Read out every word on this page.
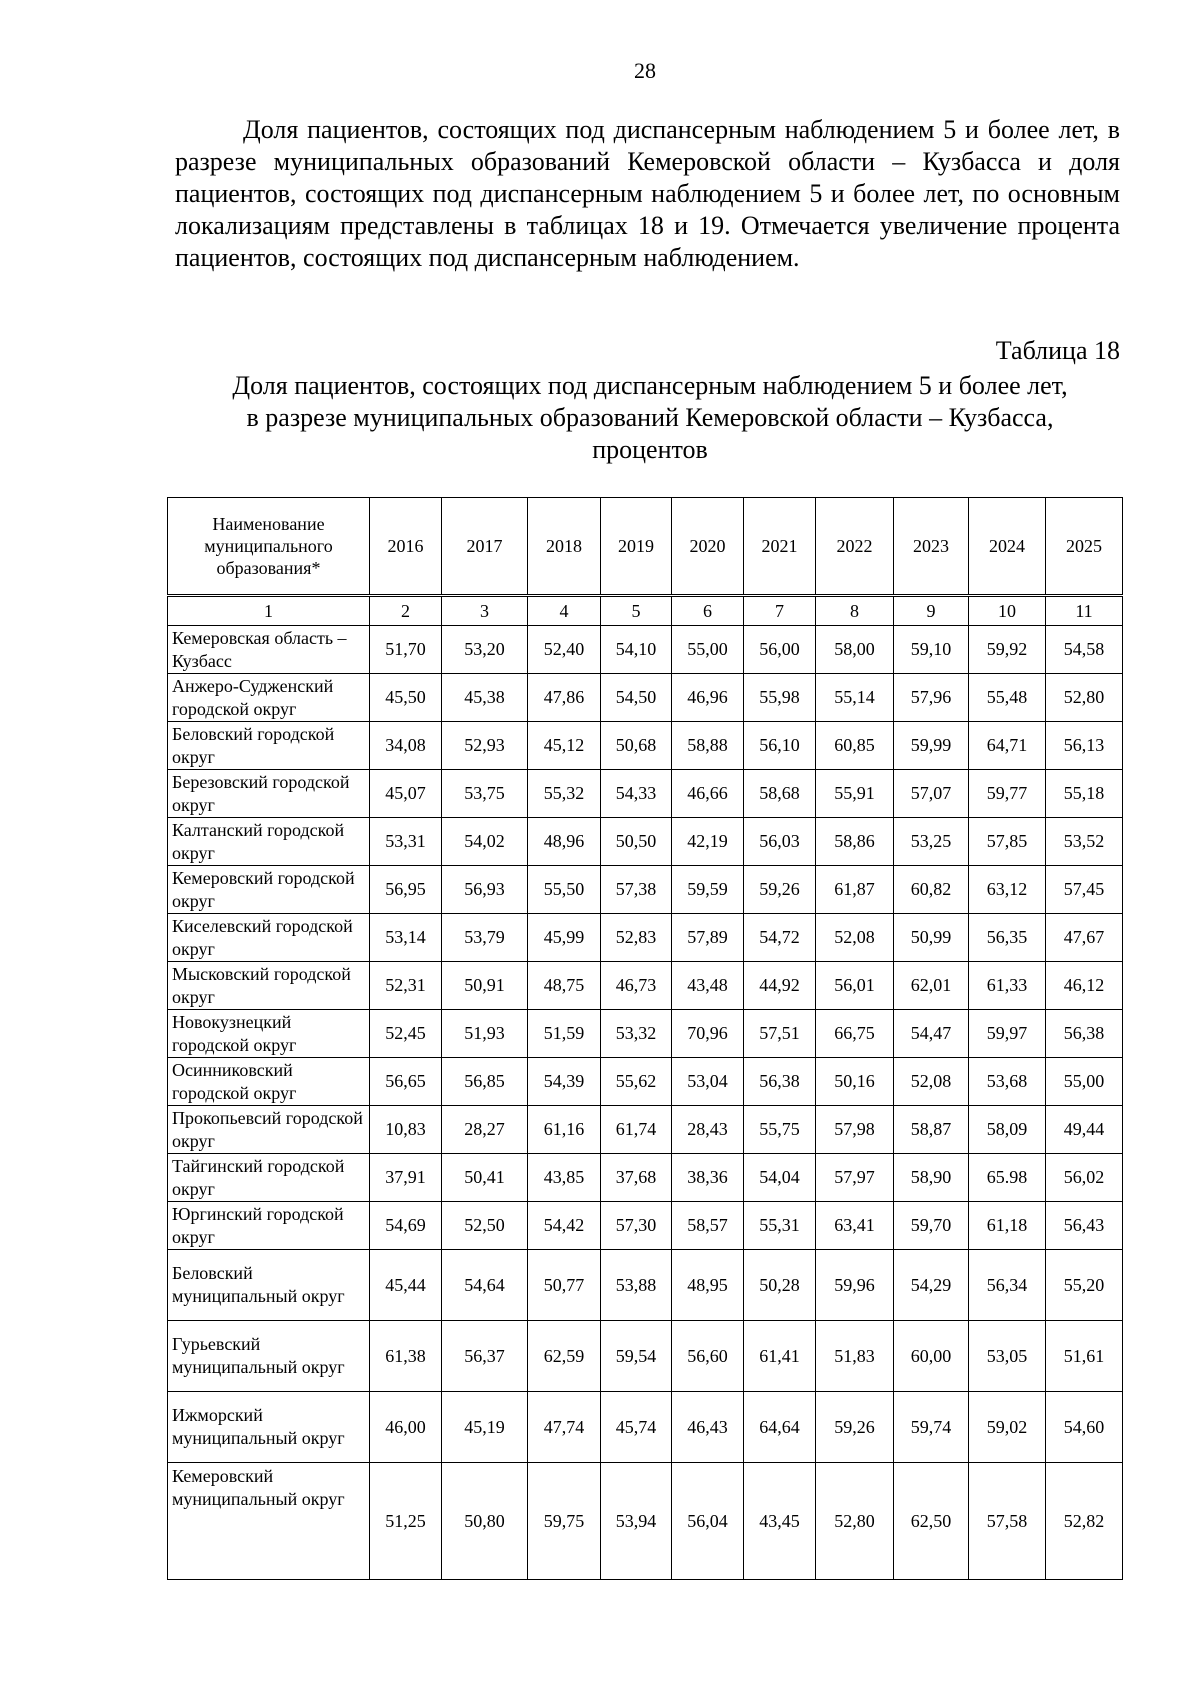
28

Доля пациентов, состоящих под диспансерным наблюдением 5 и более лет, в разрезе муниципальных образований Кемеровской области – Кузбасса и доля пациентов, состоящих под диспансерным наблюдением 5 и более лет, по основным локализациям представлены в таблицах 18 и 19. Отмечается увеличение процента пациентов, состоящих под диспансерным наблюдением.

Таблица 18
Доля пациентов, состоящих под диспансерным наблюдением 5 и более лет,
в разрезе муниципальных образований Кемеровской области – Кузбасса,
процентов
Наименование муниципального образования*	2016	2017	2018	2019	2020	2021	2022	2023	2024	2025
1	2	3	4	5	6	7	8	9	10	11
Кемеровская область – Кузбасс	51,70	53,20	52,40	54,10	55,00	56,00	58,00	59,10	59,92	54,58
Анжеро-Судженский городской округ	45,50	45,38	47,86	54,50	46,96	55,98	55,14	57,96	55,48	52,80
Беловский городской округ	34,08	52,93	45,12	50,68	58,88	56,10	60,85	59,99	64,71	56,13
Березовский городской округ	45,07	53,75	55,32	54,33	46,66	58,68	55,91	57,07	59,77	55,18
Калтанский городской округ	53,31	54,02	48,96	50,50	42,19	56,03	58,86	53,25	57,85	53,52
Кемеровский городской округ	56,95	56,93	55,50	57,38	59,59	59,26	61,87	60,82	63,12	57,45
Киселевский городской округ	53,14	53,79	45,99	52,83	57,89	54,72	52,08	50,99	56,35	47,67
Мысковский городской округ	52,31	50,91	48,75	46,73	43,48	44,92	56,01	62,01	61,33	46,12
Новокузнецкий городской округ	52,45	51,93	51,59	53,32	70,96	57,51	66,75	54,47	59,97	56,38
Осинниковский городской округ	56,65	56,85	54,39	55,62	53,04	56,38	50,16	52,08	53,68	55,00
Прокопьевсий городской округ	10,83	28,27	61,16	61,74	28,43	55,75	57,98	58,87	58,09	49,44
Тайгинский городской округ	37,91	50,41	43,85	37,68	38,36	54,04	57,97	58,90	65.98	56,02
Юргинский городской округ	54,69	52,50	54,42	57,30	58,57	55,31	63,41	59,70	61,18	56,43
Беловский муниципальный округ	45,44	54,64	50,77	53,88	48,95	50,28	59,96	54,29	56,34	55,20
Гурьевский муниципальный округ	61,38	56,37	62,59	59,54	56,60	61,41	51,83	60,00	53,05	51,61
Ижморский муниципальный округ	46,00	45,19	47,74	45,74	46,43	64,64	59,26	59,74	59,02	54,60
Кемеровский муниципальный округ	51,25	50,80	59,75	53,94	56,04	43,45	52,80	62,50	57,58	52,82
